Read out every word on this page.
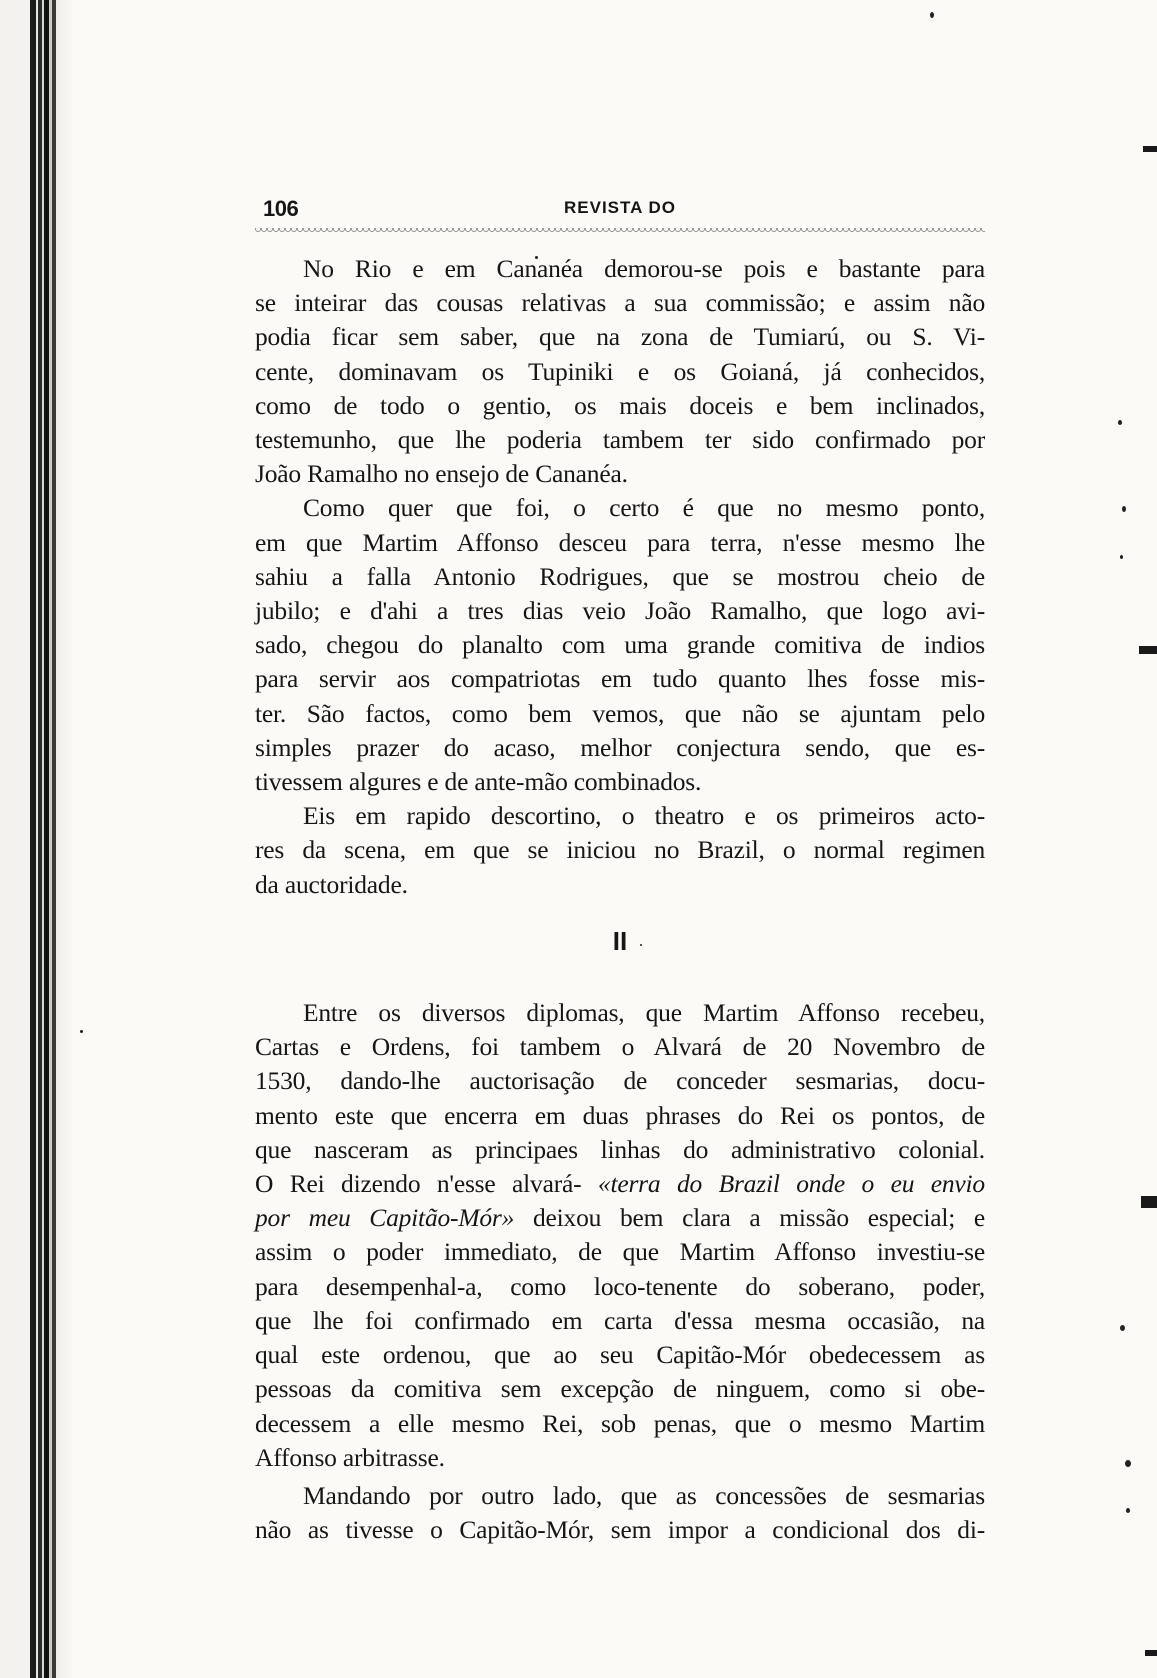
106	REVISTA DO

No Rio e em Cananéa demorou-se pois e bastante para
se inteirar das cousas relativas a sua commissão; e assim não
podia ficar sem saber, que na zona de Tumiarú, ou S. Vi-
cente, dominavam os Tupiniki e os Goianá, já conhecidos,
como de todo o gentio, os mais doceis e bem inclinados,
testemunho, que lhe poderia tambem ter sido confirmado por
João Ramalho no ensejo de Cananéa.

Como quer que foi, o certo é que no mesmo ponto,
em que Martim Affonso desceu para terra, n'esse mesmo lhe
sahiu a falla Antonio Rodrigues, que se mostrou cheio de
jubilo; e d'ahi a tres dias veio João Ramalho, que logo avi-
sado, chegou do planalto com uma grande comitiva de indios
para servir aos compatriotas em tudo quanto lhes fosse mis-
ter. São factos, como bem vemos, que não se ajuntam pelo
simples prazer do acaso, melhor conjectura sendo, que es-
tivessem algures e de ante-mão combinados.

Eis em rapido descortino, o theatro e os primeiros acto-
res da scena, em que se iniciou no Brazil, o normal regimen
da auctoridade.

II

Entre os diversos diplomas, que Martim Affonso recebeu,
Cartas e Ordens, foi tambem o Alvará de 20 Novembro de
1530, dando-lhe auctorisação de conceder sesmarias, docu-
mento este que encerra em duas phrases do Rei os pontos, de
que nasceram as principaes linhas do administrativo colonial.
O Rei dizendo n'esse alvará- «terra do Brazil onde o eu envio
por meu Capitão-Mór» deixou bem clara a missão especial; e
assim o poder immediato, de que Martim Affonso investiu-se
para desempenhal-a, como loco-tenente do soberano, poder,
que lhe foi confirmado em carta d'essa mesma occasião, na
qual este ordenou, que ao seu Capitão-Mór obedecessem as
pessoas da comitiva sem excepção de ninguem, como si obe-
decessem a elle mesmo Rei, sob penas, que o mesmo Martim
Affonso arbitrasse.

Mandando por outro lado, que as concessões de sesmarias
não as tivesse o Capitão-Mór, sem impor a condicional dos di-
